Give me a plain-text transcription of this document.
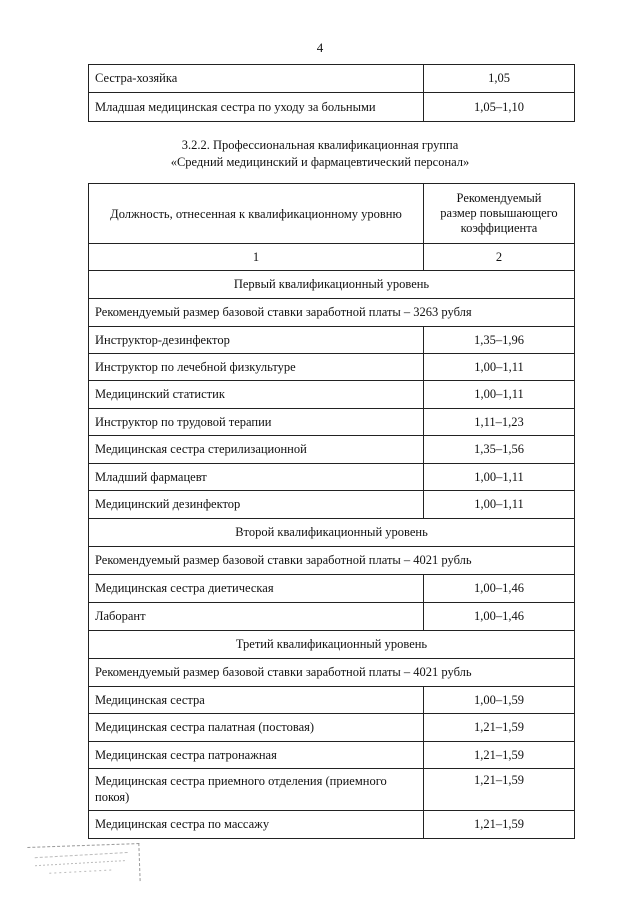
4
Сестра-хозяйка	1,05
Младшая медицинская сестра по уходу за больными	1,05–1,10
3.2.2. Профессиональная квалификационная группа
«Средний медицинский и фармацевтический персонал»
Должность, отнесенная к квалификационному уровню	Рекомендуемый размер повышающего коэффициента
1	2
Первый квалификационный уровень	
Рекомендуемый размер базовой ставки заработной платы – 3263 рубля	
Инструктор-дезинфектор	1,35–1,96
Инструктор по лечебной физкультуре	1,00–1,11
Медицинский статистик	1,00–1,11
Инструктор по трудовой терапии	1,11–1,23
Медицинская сестра стерилизационной	1,35–1,56
Младший фармацевт	1,00–1,11
Медицинский дезинфектор	1,00–1,11
Второй квалификационный уровень	
Рекомендуемый размер базовой ставки заработной платы – 4021 рубль	
Медицинская сестра диетическая	1,00–1,46
Лаборант	1,00–1,46
Третий квалификационный уровень	
Рекомендуемый размер базовой ставки заработной платы – 4021 рубль	
Медицинская сестра	1,00–1,59
Медицинская сестра палатная (постовая)	1,21–1,59
Медицинская сестра патронажная	1,21–1,59
Медицинская сестра приемного отделения (приемного покоя)	1,21–1,59
Медицинская сестра по массажу	1,21–1,59
